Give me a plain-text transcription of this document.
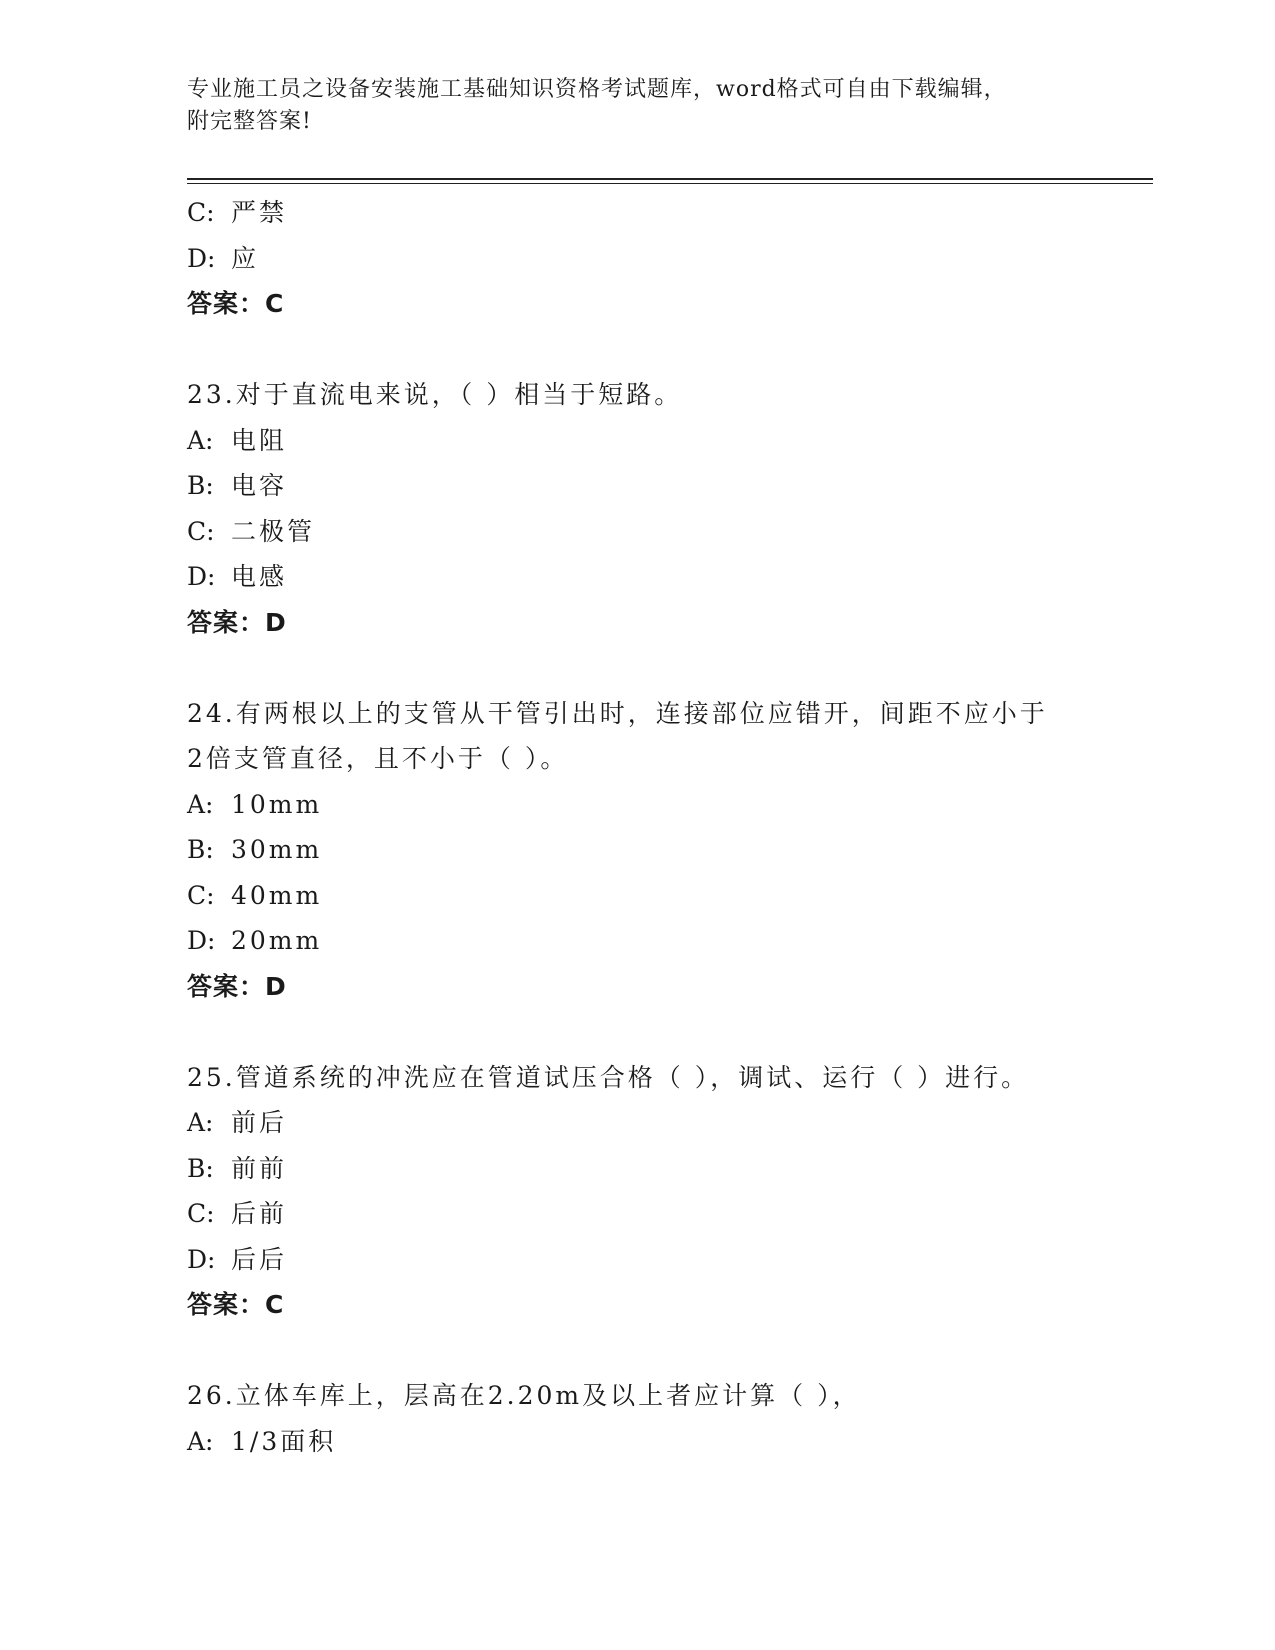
专业施工员之设备安装施工基础知识资格考试题库，word格式可自由下载编辑，
附完整答案!
C: 严禁
D: 应
答案：C
23.对于直流电来说，（ ）相当于短路。
A: 电阻
B: 电容
C: 二极管
D: 电感
答案：D
24.有两根以上的支管从干管引出时，连接部位应错开，间距不应小于
2倍支管直径，且不小于（ ）。
A: 10mm
B: 30mm
C: 40mm
D: 20mm
答案：D
25.管道系统的冲洗应在管道试压合格（ ），调试、运行（ ）进行。
A: 前后
B: 前前
C: 后前
D: 后后
答案：C
26.立体车库上，层高在2.20m及以上者应计算（ ），
A: 1/3面积
